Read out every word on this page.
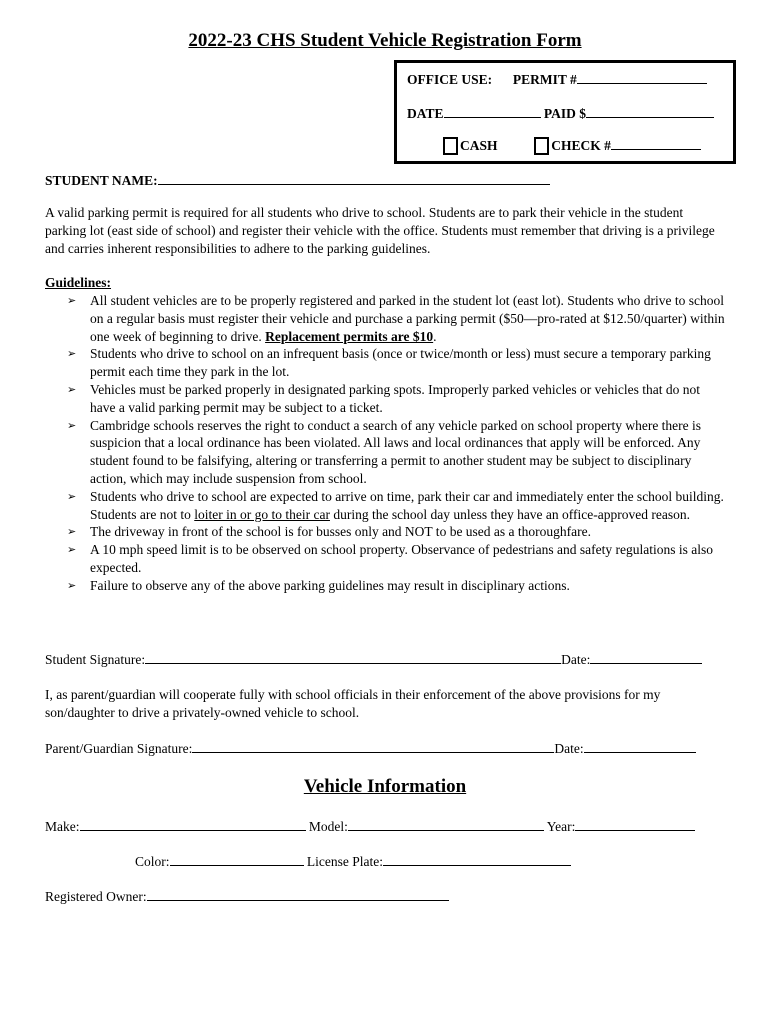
2022-23 CHS Student Vehicle Registration Form
OFFICE USE: PERMIT #
DATE	PAID $
CASH	CHECK #
STUDENT NAME:
A valid parking permit is required for all students who drive to school. Students are to park their vehicle in the student parking lot (east side of school) and register their vehicle with the office. Students must remember that driving is a privilege and carries inherent responsibilities to adhere to the parking guidelines.
Guidelines:
➢ All student vehicles are to be properly registered and parked in the student lot (east lot). Students who drive to school on a regular basis must register their vehicle and purchase a parking permit ($50—pro-rated at $12.50/quarter) within one week of beginning to drive. Replacement permits are $10.
➢ Students who drive to school on an infrequent basis (once or twice/month or less) must secure a temporary parking permit each time they park in the lot.
➢ Vehicles must be parked properly in designated parking spots. Improperly parked vehicles or vehicles that do not have a valid parking permit may be subject to a ticket.
➢ Cambridge schools reserves the right to conduct a search of any vehicle parked on school property where there is suspicion that a local ordinance has been violated. All laws and local ordinances that apply will be enforced. Any student found to be falsifying, altering or transferring a permit to another student may be subject to disciplinary action, which may include suspension from school.
➢ Students who drive to school are expected to arrive on time, park their car and immediately enter the school building. Students are not to loiter in or go to their car during the school day unless they have an office-approved reason.
➢ The driveway in front of the school is for busses only and NOT to be used as a thoroughfare.
➢ A 10 mph speed limit is to be observed on school property. Observance of pedestrians and safety regulations is also expected.
➢ Failure to observe any of the above parking guidelines may result in disciplinary actions.
Student Signature:	Date:
I, as parent/guardian will cooperate fully with school officials in their enforcement of the above provisions for my son/daughter to drive a privately-owned vehicle to school.
Parent/Guardian Signature:	Date:
Vehicle Information
Make:	Model:	Year:
Color:	License Plate:
Registered Owner:
